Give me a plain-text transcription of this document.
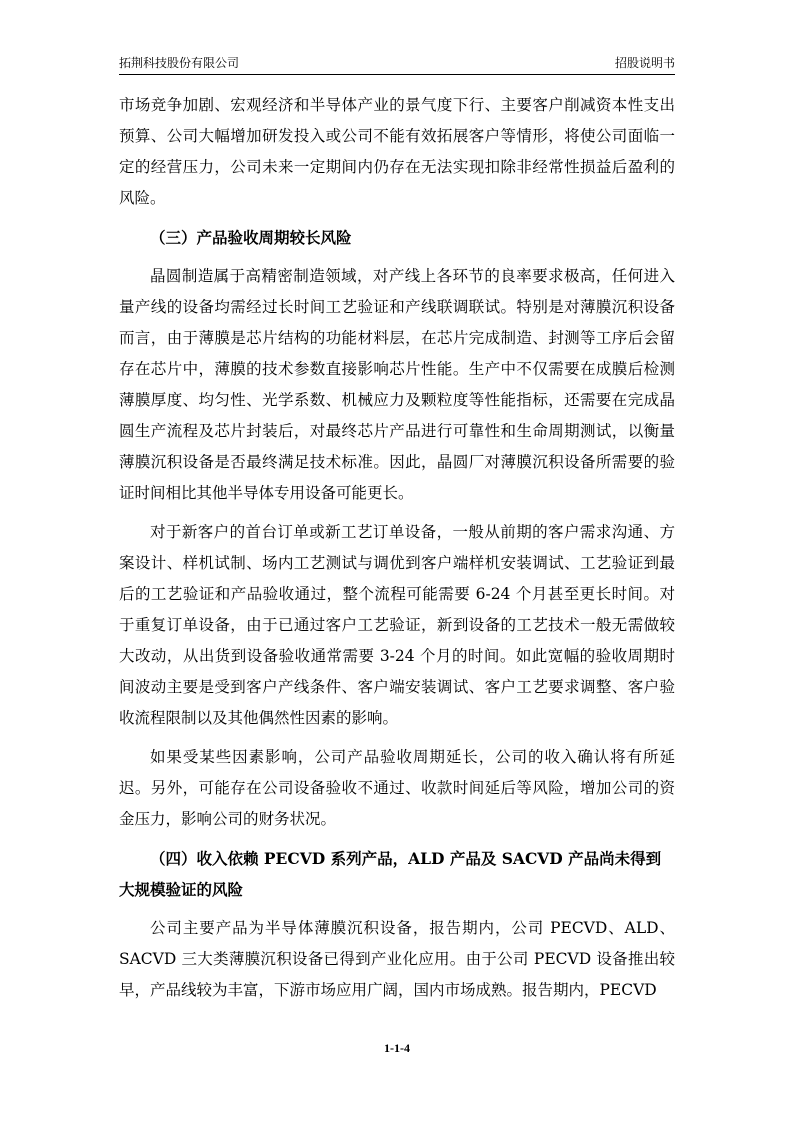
拓荆科技股份有限公司	招股说明书

市场竞争加剧、宏观经济和半导体产业的景气度下行、主要客户削减资本性支出预算、公司大幅增加研发投入或公司不能有效拓展客户等情形，将使公司面临一定的经营压力，公司未来一定期间内仍存在无法实现扣除非经常性损益后盈利的风险。

（三）产品验收周期较长风险

晶圆制造属于高精密制造领域，对产线上各环节的良率要求极高，任何进入量产线的设备均需经过长时间工艺验证和产线联调联试。特别是对薄膜沉积设备而言，由于薄膜是芯片结构的功能材料层，在芯片完成制造、封测等工序后会留存在芯片中，薄膜的技术参数直接影响芯片性能。生产中不仅需要在成膜后检测薄膜厚度、均匀性、光学系数、机械应力及颗粒度等性能指标，还需要在完成晶圆生产流程及芯片封装后，对最终芯片产品进行可靠性和生命周期测试，以衡量薄膜沉积设备是否最终满足技术标准。因此，晶圆厂对薄膜沉积设备所需要的验证时间相比其他半导体专用设备可能更长。

对于新客户的首台订单或新工艺订单设备，一般从前期的客户需求沟通、方案设计、样机试制、场内工艺测试与调优到客户端样机安装调试、工艺验证到最后的工艺验证和产品验收通过，整个流程可能需要 6-24 个月甚至更长时间。对于重复订单设备，由于已通过客户工艺验证，新到设备的工艺技术一般无需做较大改动，从出货到设备验收通常需要 3-24 个月的时间。如此宽幅的验收周期时间波动主要是受到客户产线条件、客户端安装调试、客户工艺要求调整、客户验收流程限制以及其他偶然性因素的影响。

如果受某些因素影响，公司产品验收周期延长，公司的收入确认将有所延迟。另外，可能存在公司设备验收不通过、收款时间延后等风险，增加公司的资金压力，影响公司的财务状况。

（四）收入依赖 PECVD 系列产品，ALD 产品及 SACVD 产品尚未得到大规模验证的风险

公司主要产品为半导体薄膜沉积设备，报告期内，公司 PECVD、ALD、SACVD 三大类薄膜沉积设备已得到产业化应用。由于公司 PECVD 设备推出较早，产品线较为丰富，下游市场应用广阔，国内市场成熟。报告期内，PECVD

1-1-4
